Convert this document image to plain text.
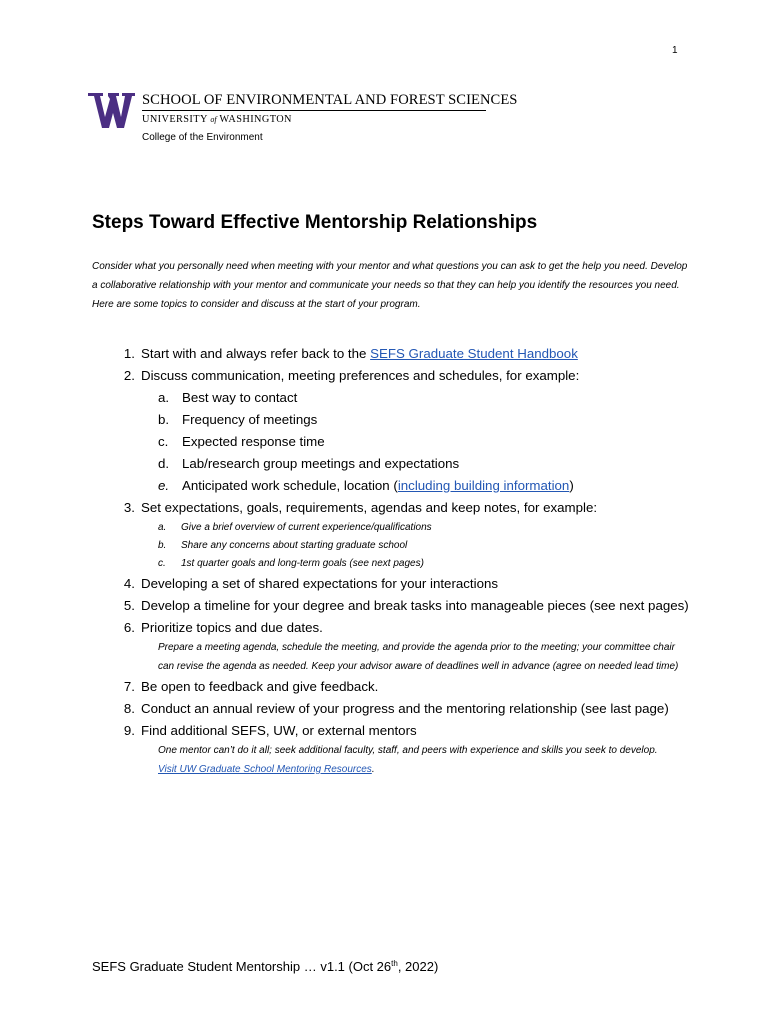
1
SCHOOL OF ENVIRONMENTAL AND FOREST SCIENCES
UNIVERSITY of WASHINGTON
College of the Environment
Steps Toward Effective Mentorship Relationships

Consider what you personally need when meeting with your mentor and what questions you can ask to get the help you need. Develop a collaborative relationship with your mentor and communicate your needs so that they can help you identify the resources you need. Here are some topics to consider and discuss at the start of your program.

1. Start with and always refer back to the SEFS Graduate Student Handbook
2. Discuss communication, meeting preferences and schedules, for example:
a. Best way to contact
b. Frequency of meetings
c. Expected response time
d. Lab/research group meetings and expectations
e. Anticipated work schedule, location (including building information)
3. Set expectations, goals, requirements, agendas and keep notes, for example:
a. Give a brief overview of current experience/qualifications
b. Share any concerns about starting graduate school
c. 1st quarter goals and long-term goals (see next pages)
4. Developing a set of shared expectations for your interactions
5. Develop a timeline for your degree and break tasks into manageable pieces (see next pages)
6. Prioritize topics and due dates.
Prepare a meeting agenda, schedule the meeting, and provide the agenda prior to the meeting; your committee chair can revise the agenda as needed. Keep your advisor aware of deadlines well in advance (agree on needed lead time)
7. Be open to feedback and give feedback.
8. Conduct an annual review of your progress and the mentoring relationship (see last page)
9. Find additional SEFS, UW, or external mentors
One mentor can’t do it all; seek additional faculty, staff, and peers with experience and skills you seek to develop.
Visit UW Graduate School Mentoring Resources.
SEFS Graduate Student Mentorship … v1.1 (Oct 26th, 2022)
